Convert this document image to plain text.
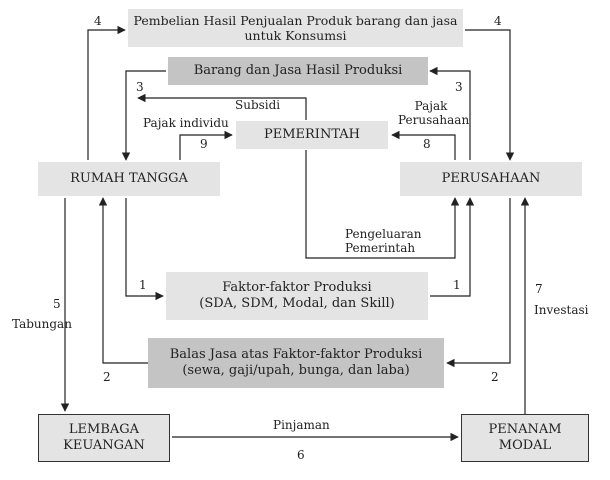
Pembelian Hasil Penjualan Produk barang dan jasa
untuk Konsumsi
Barang dan Jasa Hasil Produksi
PEMERINTAH
RUMAH TANGGA	PERUSAHAAN
Faktor-faktor Produksi
(SDA, SDM, Modal, dan Skill)
Balas Jasa atas Faktor-faktor Produksi
(sewa, gaji/upah, bunga, dan laba)
LEMBAGA
KEUANGAN
PENANAM
MODAL
Subsidi
Pajak individu
Pajak
Perusahaan
Pengeluaran
Pemerintah
Tabungan
Investasi
Pinjaman
4	4
3	3
9	8
1	1
2	2
5
7
6
